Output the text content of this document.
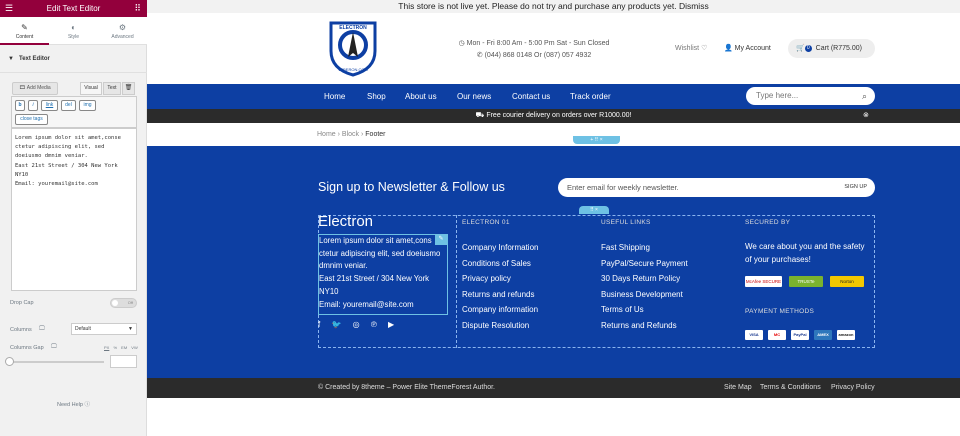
☰	Edit Text Editor	⠿
✎
Content
◐
Style
⚙
Advanced
▼ Text Editor
🎞 Add Media	Visual	Text	🗑
b	i	link	del	img
close tags
Lorem ipsum dolor sit amet,conse
ctetur adipiscing elit, sed
doeiusmo dmnim veniar.
East 21st Street / 304 New York
NY10
Email: youremail@site.com
Drop Cap	Off
Columns 🖵	Default	▼
Columns Gap 🖵	PX % EM VW
Need Help ⓘ
This store is not live yet. Please do not try and purchase any products yet. Dismiss
WIBERON.COM
ELECTRON
◷ Mon - Fri 8:00 Am - 5:00 Pm Sat - Sun Closed
✆ (044) 868 0148 Or (087) 057 4932
Wishlist ♡ 👤 My Account	🛒 0 Cart (R775.00)
Home	Shop About us	Our news	Contact us Track order	Type here...	⌕
⛟ Free courier delivery on orders over R1000.00!	⊗
Home › Block › Footer
+ ⠿ ×
Sign up to Newsletter & Follow us	Enter email for weekly newsletter.	SIGN UP
⠿ ×
Electron
Lorem ipsum dolor sit amet,cons
ctetur adipiscing elit, sed doeiusmo
dmnim veniar.
East 21st Street / 304 New York
NY10
Email: youremail@site.com
✎
f 🐦 ◎ ℗ ▶
ELECTRON 01
Company Information
Conditions of Sales
Privacy policy
Returns and refunds
Company information
Dispute Resolution
USEFUL LINKS
Fast Shipping
PayPal/Secure Payment
30 Days Return Policy
Business Development
Terms of Us
Returns and Refunds
SECURED BY
We care about you and the safety of your purchases!
McAfee SECURE	TRUSTe	Norton
PAYMENT METHODS
VISA	MC	PayPal	AMEX	amazon
© Created by 8theme – Power Elite ThemeForest Author.	Site Map Terms & Conditions Privacy Policy
